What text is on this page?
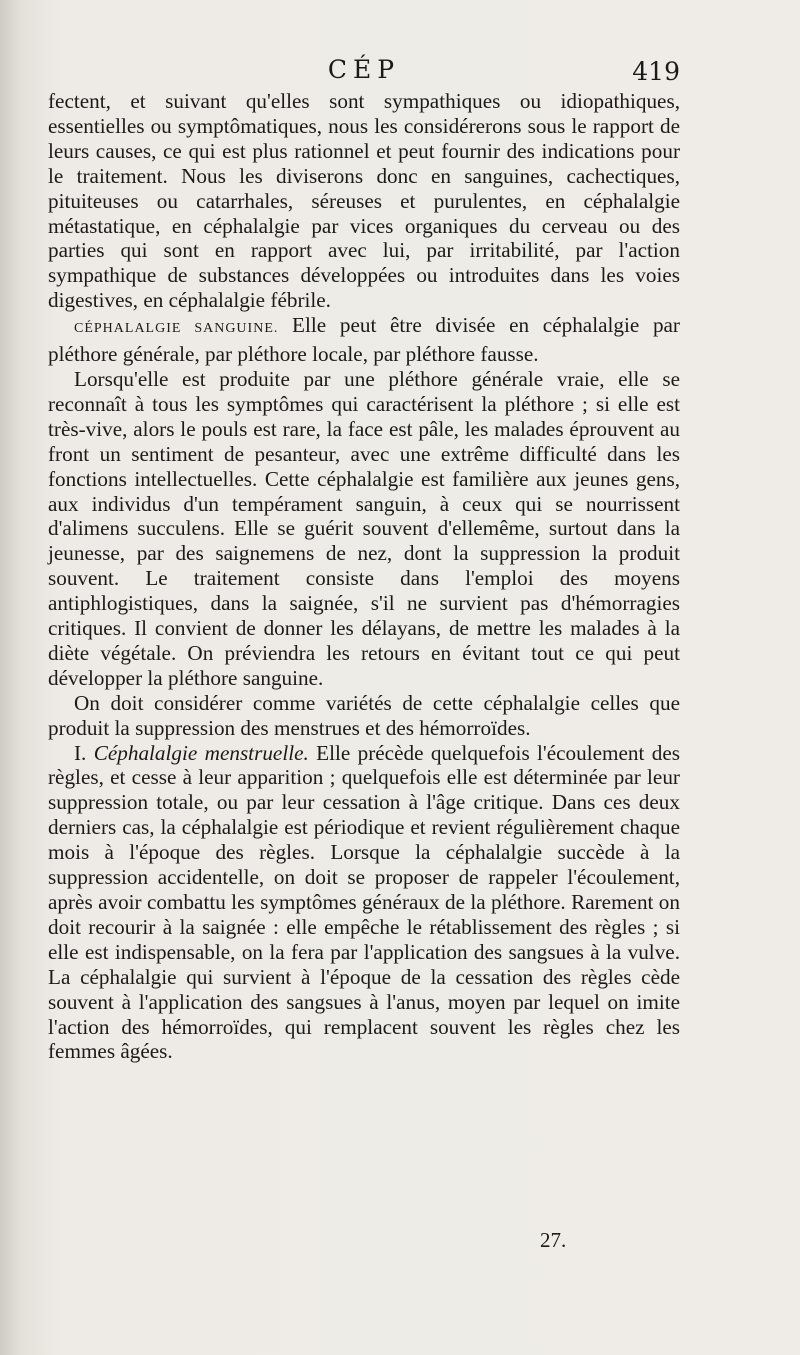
CÉP	419

fectent, et suivant qu'elles sont sympathiques ou idiopathiques, essentielles ou symptômatiques, nous les considérerons sous le rapport de leurs causes, ce qui est plus rationnel et peut fournir des indications pour le traitement. Nous les diviserons donc en sanguines, cachectiques, pituiteuses ou catarrhales, séreuses et purulentes, en céphalalgie métastatique, en céphalalgie par vices organiques du cerveau ou des parties qui sont en rapport avec lui, par irritabilité, par l'action sympathique de substances développées ou introduites dans les voies digestives, en céphalalgie fébrile.

CÉPHALALGIE SANGUINE. Elle peut être divisée en céphalalgie par pléthore générale, par pléthore locale, par pléthore fausse.

Lorsqu'elle est produite par une pléthore générale vraie, elle se reconnaît à tous les symptômes qui caractérisent la pléthore ; si elle est très-vive, alors le pouls est rare, la face est pâle, les malades éprouvent au front un sentiment de pesanteur, avec une extrême difficulté dans les fonctions intellectuelles. Cette céphalalgie est familière aux jeunes gens, aux individus d'un tempérament sanguin, à ceux qui se nourrissent d'alimens succulens. Elle se guérit souvent d'ellemême, surtout dans la jeunesse, par des saignemens de nez, dont la suppression la produit souvent. Le traitement consiste dans l'emploi des moyens antiphlogistiques, dans la saignée, s'il ne survient pas d'hémorragies critiques. Il convient de donner les délayans, de mettre les malades à la diète végétale. On préviendra les retours en évitant tout ce qui peut développer la pléthore sanguine.

On doit considérer comme variétés de cette céphalalgie celles que produit la suppression des menstrues et des hémorroïdes.

I. Céphalalgie menstruelle. Elle précède quelquefois l'écoulement des règles, et cesse à leur apparition ; quelquefois elle est déterminée par leur suppression totale, ou par leur cessation à l'âge critique. Dans ces deux derniers cas, la céphalalgie est périodique et revient régulièrement chaque mois à l'époque des règles. Lorsque la céphalalgie succède à la suppression accidentelle, on doit se proposer de rappeler l'écoulement, après avoir combattu les symptômes généraux de la pléthore. Rarement on doit recourir à la saignée : elle empêche le rétablissement des règles ; si elle est indispensable, on la fera par l'application des sangsues à la vulve. La céphalalgie qui survient à l'époque de la cessation des règles cède souvent à l'application des sangsues à l'anus, moyen par lequel on imite l'action des hémorroïdes, qui remplacent souvent les règles chez les femmes âgées.

27.
